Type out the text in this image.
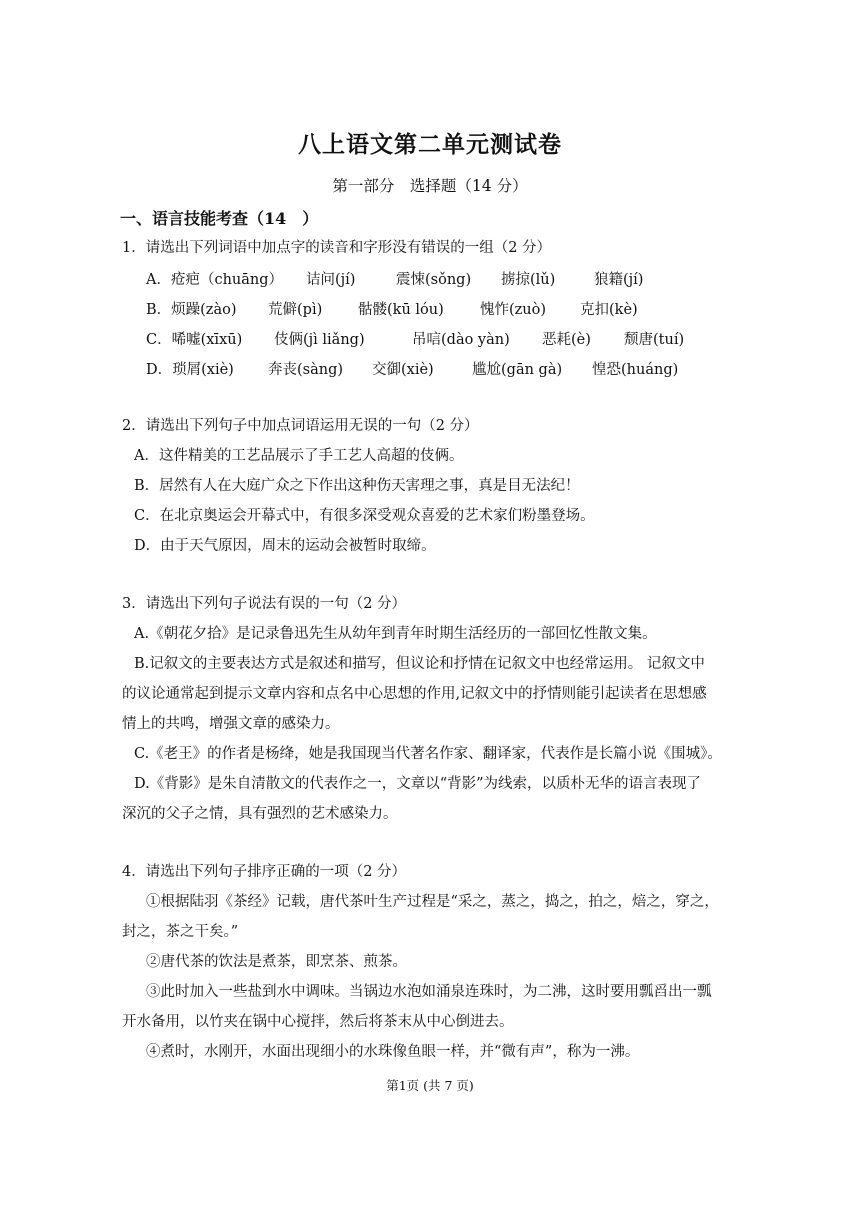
八上语文第二单元测试卷
第一部分　选择题（14 分）
一、语言技能考查（14　）
1．请选出下列词语中加点字的读音和字形没有错误的一组（2 分）
A．疮疤（chuāng） 诘问(jí)	震悚(sǒng) 掳掠(lǔ)	狼籍(jí)
B．烦躁(zào) 荒僻(pì) 骷髅(kū lóu) 愧怍(zuò) 克扣(kè)
C．唏嘘(xīxū) 伎俩(jì liǎng)	吊唁(dào yàn) 恶耗(è) 颓唐(tuí)
D．琐屑(xiè) 奔丧(sàng) 交御(xiè)	尴尬(gān gà) 惶恐(huáng)
2．请选出下列句子中加点词语运用无误的一句（2 分）
A．这件精美的工艺品展示了手工艺人高超的伎俩。
B．居然有人在大庭广众之下作出这种伤天害理之事，真是目无法纪！
C．在北京奥运会开幕式中，有很多深受观众喜爱的艺术家们粉墨登场。
D．由于天气原因，周末的运动会被暂时取缔。
3．请选出下列句子说法有误的一句（2 分）
A.《朝花夕拾》是记录鲁迅先生从幼年到青年时期生活经历的一部回忆性散文集。
B.记叙文的主要表达方式是叙述和描写，但议论和抒情在记叙文中也经常运用。 记叙文中
的议论通常起到提示文章内容和点名中心思想的作用,记叙文中的抒情则能引起读者在思想感
情上的共鸣，增强文章的感染力。
C.《老王》的作者是杨绛，她是我国现当代著名作家、翻译家，代表作是长篇小说《围城》。
D.《背影》是朱自清散文的代表作之一，文章以“背影”为线索，以质朴无华的语言表现了
深沉的父子之情，具有强烈的艺术感染力。
4．请选出下列句子排序正确的一项（2 分）
①根据陆羽《茶经》记载，唐代茶叶生产过程是“采之，蒸之，捣之，拍之，焙之，穿之，
封之，茶之干矣。”
②唐代茶的饮法是煮茶，即烹茶、煎茶。
③此时加入一些盐到水中调味。当锅边水泡如涌泉连珠时，为二沸，这时要用瓢舀出一瓢
开水备用，以竹夹在锅中心搅拌，然后将茶末从中心倒进去。
④煮时，水刚开，水面出现细小的水珠像鱼眼一样，并“微有声”，称为一沸。
第1页 (共 7 页)
